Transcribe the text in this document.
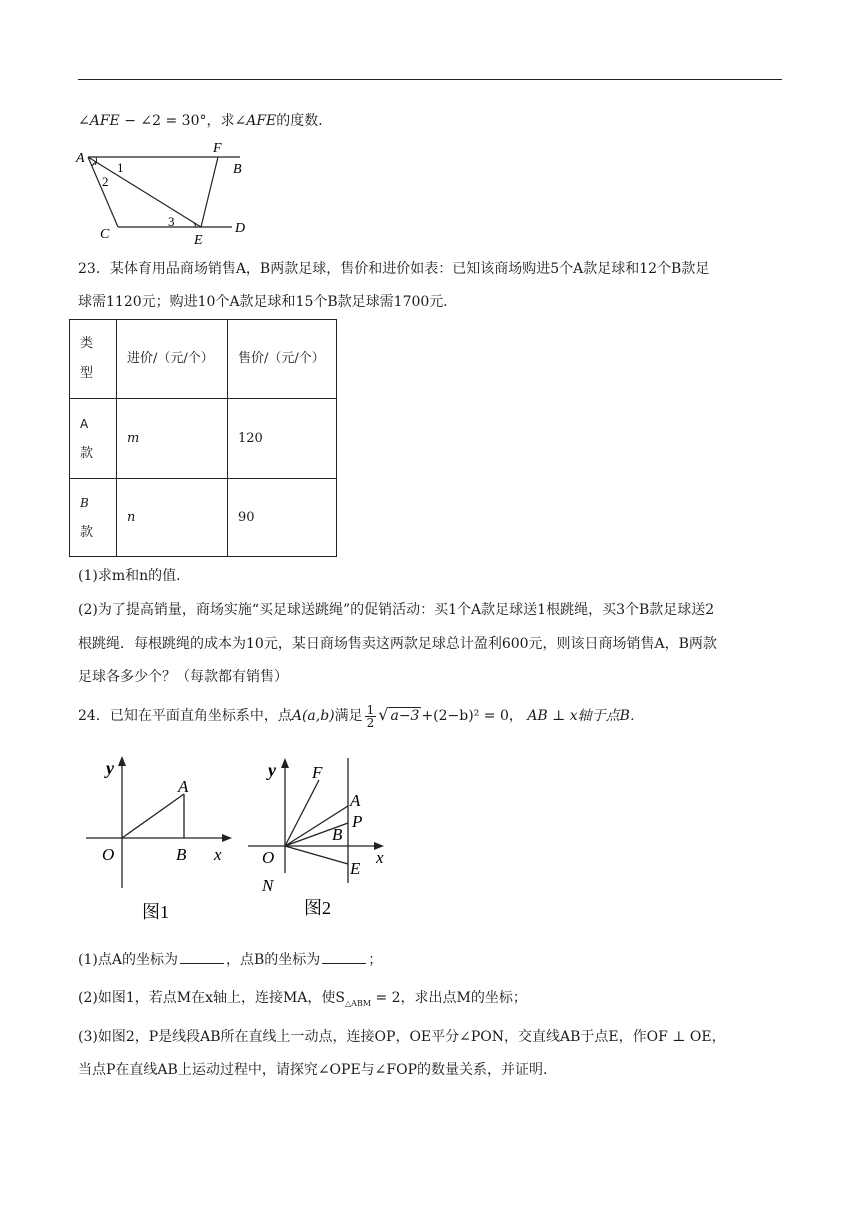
∠AFE − ∠2 = 30°，求∠AFE的度数．
A
F
B
1
2
3
C	E
D
23．某体育用品商场销售A，B两款足球，售价和进价如表：已知该商场购进5个A款足球和12个B款足
球需1120元；购进10个A款足球和15个B款足球需1700元．
类
型	进价/（元/个）	售价/（元/个）

A
款	m	120

B
款	n	90
(1)求m和n的值．
(2)为了提高销量，商场实施“买足球送跳绳”的促销活动：买1个A款足球送1根跳绳，买3个B款足球送2
根跳绳．每根跳绳的成本为10元，某日商场售卖这两款足球总计盈利600元，则该日商场销售A，B两款
足球各多少个？（每款都有销售）
24．已知在平面直角坐标系中，点A(a,b)满足 $\frac{1}{2}$ √ a−3 +(2−b)² = 0， AB ⊥ x轴于点B．
y
A
O	B x
图1
y F
A
P
B
O	x
E
N
图2
(1)点A的坐标为	，点B的坐标为	；
(2)如图1，若点M在x轴上，连接MA，使$S_{\triangle ABM} = 2$，求出点M的坐标；
(3)如图2，P是线段AB所在直线上一动点，连接OP，OE平分∠PON，交直线AB于点E，作OF ⊥ OE，
当点P在直线AB上运动过程中，请探究∠OPE与∠FOP的数量关系，并证明．
